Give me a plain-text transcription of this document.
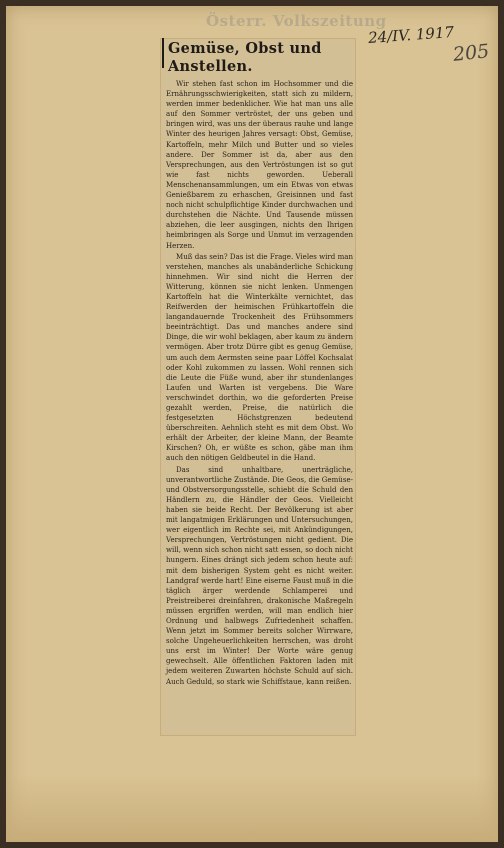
Österr. Volkszeitung
24/IV. 1917
205
Gemüse, Obst und Anstellen.

Wir stehen fast schon im Hochsommer und die Ernährungsschwierigkeiten, statt sich zu mildern, werden immer bedenklicher. Wie hat man uns alle auf den Sommer vertröstet, der uns geben und bringen wird, was uns der überaus rauhe und lange Winter des heurigen Jahres versagt: Obst, Gemüse, Kartoffeln, mehr Milch und Butter und so vieles andere. Der Sommer ist da, aber aus den Versprechungen, aus den Vertröstungen ist so gut wie fast nichts geworden. Ueberall Menschenansammlungen, um ein Etwas von etwas Genießbarem zu erhaschen, Greisinnen und fast noch nicht schulpflichtige Kinder durchwachen und durchstehen die Nächte. Und Tausende müssen abziehen, die leer ausgingen, nichts den Ihrigen heimbringen als Sorge und Unmut im verzagenden Herzen.

Muß das sein? Das ist die Frage. Vieles wird man verstehen, manches als unabänderliche Schickung hinnehmen. Wir sind nicht die Herren der Witterung, können sie nicht lenken. Unmengen Kartoffeln hat die Winterkälte vernichtet, das Reifwerden der heimischen Frühkartoffeln die langandauernde Trockenheit des Frühsommers beeinträchtigt. Das und manches andere sind Dinge, die wir wohl beklagen, aber kaum zu ändern vermögen. Aber trotz Dürre gibt es genug Gemüse, um auch dem Aermsten seine paar Löffel Kochsalat oder Kohl zukommen zu lassen. Wohl rennen sich die Leute die Füße wund, aber ihr stundenlanges Laufen und Warten ist vergebens. Die Ware verschwindet dorthin, wo die geforderten Preise gezahlt werden, Preise, die natürlich die festgesetzten Höchstgrenzen bedeutend überschreiten. Aehnlich steht es mit dem Obst. Wo erhält der Arbeiter, der kleine Mann, der Beamte Kirschen? Oh, er wüßte es schon, gäbe man ihm auch den nötigen Geldbeutel in die Hand.

Das sind unhaltbare, unerträgliche, unverantwortliche Zustände. Die Geos, die Gemüse- und Obstversorgungsstelle, schiebt die Schuld den Händlern zu, die Händler der Geos. Vielleicht haben sie beide Recht. Der Bevölkerung ist aber mit langatmigen Erklärungen und Untersuchungen, wer eigentlich im Rechte sei, mit Ankündigungen, Versprechungen, Vertröstungen nicht gedient. Die will, wenn sich schon nicht satt essen, so doch nicht hungern. Eines drängt sich jedem schon heute auf: mit dem bisherigen System geht es nicht weiter. Landgraf werde hart! Eine eiserne Faust muß in die täglich ärger werdende Schlamperei und Preistreiberei dreinfahren, drakonische Maßregeln müssen ergriffen werden, will man endlich hier Ordnung und halbwegs Zufriedenheit schaffen. Wenn jetzt im Sommer bereits solcher Wirrware, solche Ungeheuerlichkeiten herrschen, was droht uns erst im Winter! Der Worte wäre genug gewechselt. Alle öffentlichen Faktoren laden mit jedem weiteren Zuwarten höchste Schuld auf sich. Auch Geduld, so stark wie Schiffstaue, kann reißen.
